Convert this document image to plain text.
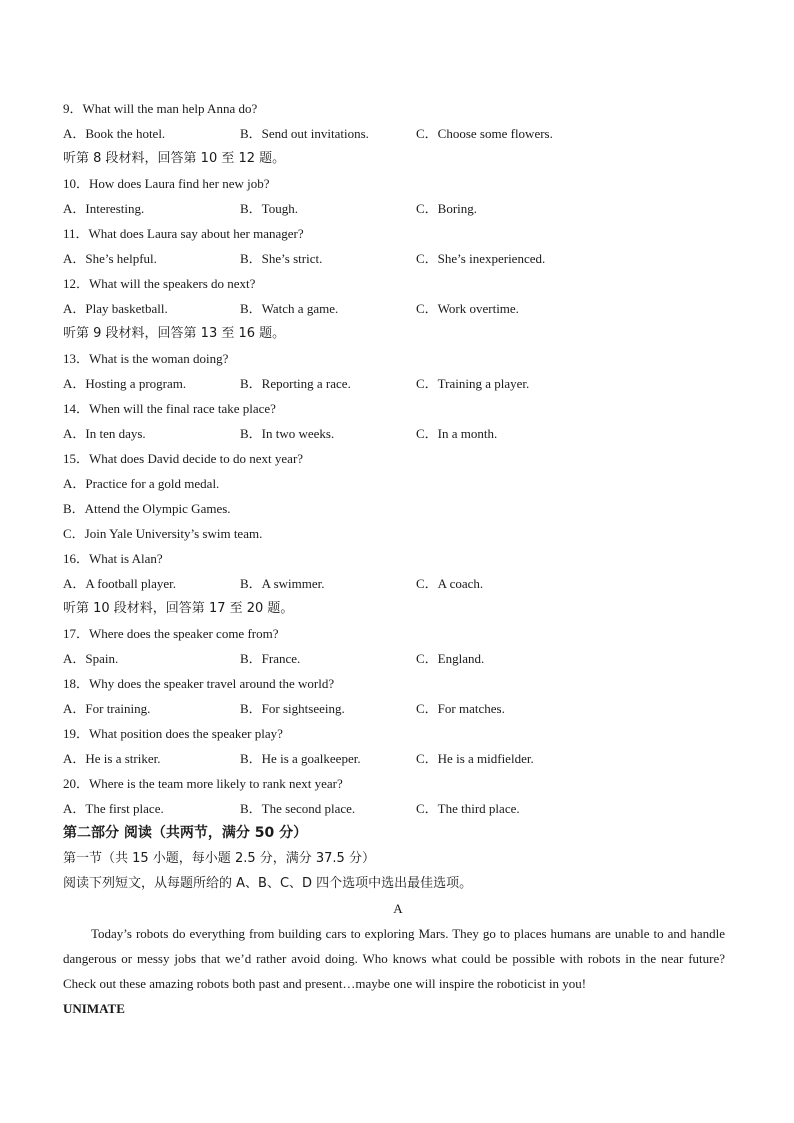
9．What will the man help Anna do?
A．Book the hotel.	B．Send out invitations.	C．Choose some flowers.
听第 8 段材料，回答第 10 至 12 题。
10．How does Laura find her new job?
A．Interesting.	B．Tough.	C．Boring.
11．What does Laura say about her manager?
A．She’s helpful.	B．She’s strict.	C．She’s inexperienced.
12．What will the speakers do next?
A．Play basketball.	B．Watch a game.	C．Work overtime.
听第 9 段材料，回答第 13 至 16 题。
13．What is the woman doing?
A．Hosting a program.	B．Reporting a race.	C．Training a player.
14．When will the final race take place?
A．In ten days.	B．In two weeks.	C．In a month.
15．What does David decide to do next year?
A．Practice for a gold medal.
B．Attend the Olympic Games.
C．Join Yale University’s swim team.
16．What is Alan?
A．A football player.	B．A swimmer.	C．A coach.
听第 10 段材料，回答第 17 至 20 题。
17．Where does the speaker come from?
A．Spain.	B．France.	C．England.
18．Why does the speaker travel around the world?
A．For training.	B．For sightseeing.	C．For matches.
19．What position does the speaker play?
A．He is a striker.	B．He is a goalkeeper.	C．He is a midfielder.
20．Where is the team more likely to rank next year?
A．The first place.	B．The second place.	C．The third place.
第二部分 阅读（共两节，满分 50 分）
第一节（共 15 小题，每小题 2.5 分，满分 37.5 分）
阅读下列短文，从每题所给的 A、B、C、D 四个选项中选出最佳选项。
A

Today’s robots do everything from building cars to exploring Mars. They go to places humans are unable to and handle dangerous or messy jobs that we’d rather avoid doing. Who knows what could be possible with robots in the near future? Check out these amazing robots both past and present…maybe one will inspire the roboticist in you!

UNIMATE
